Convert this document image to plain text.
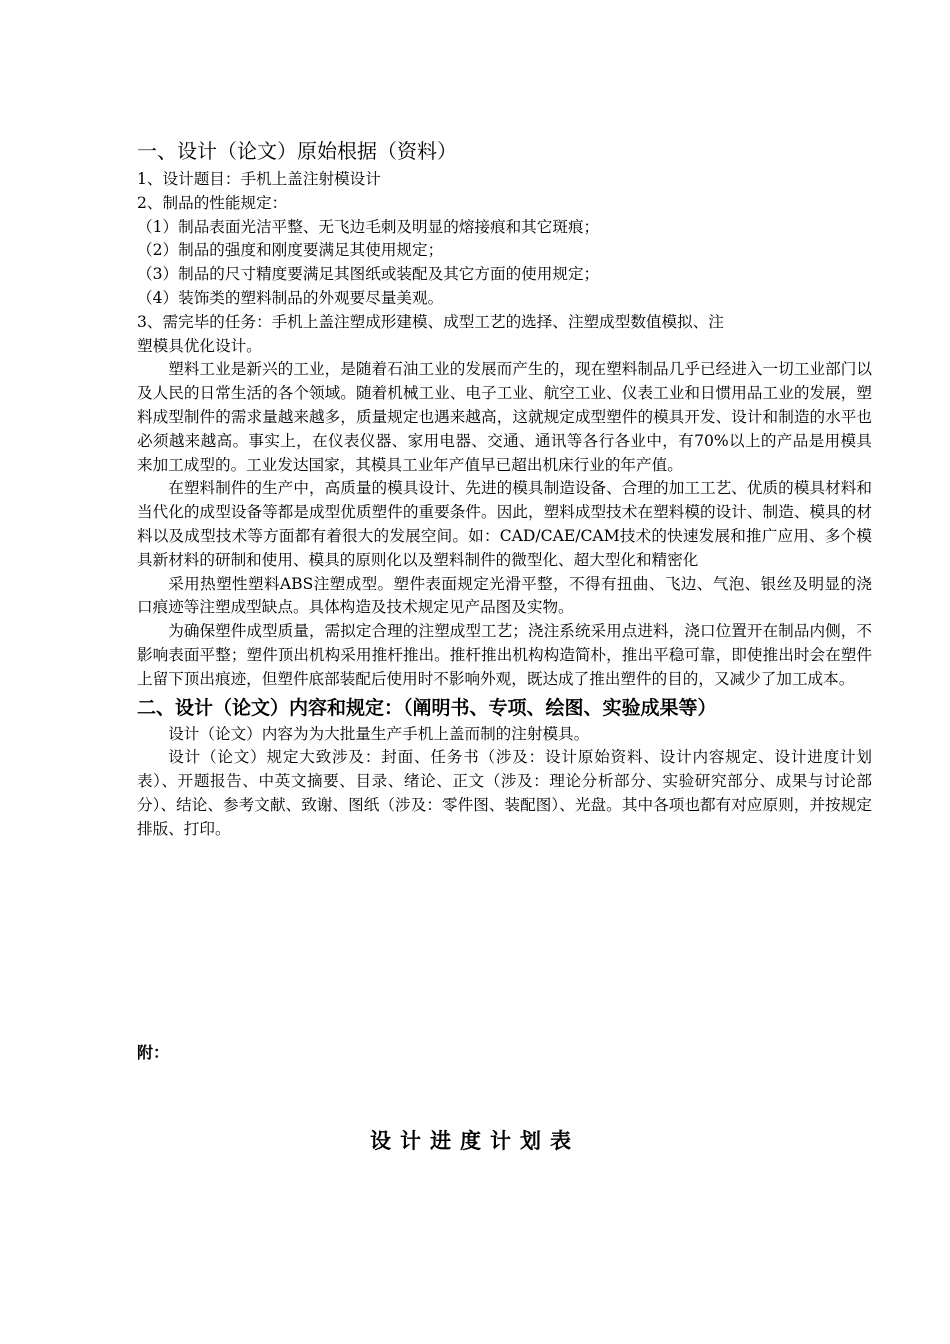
一、设计（论文）原始根据（资料）

1、设计题目：手机上盖注射模设计

2、制品的性能规定：

（1）制品表面光洁平整、无飞边毛刺及明显的熔接痕和其它斑痕；

（2）制品的强度和刚度要满足其使用规定；

（3）制品的尺寸精度要满足其图纸或装配及其它方面的使用规定；

（4）装饰类的塑料制品的外观要尽量美观。

3、需完毕的任务：手机上盖注塑成形建模、成型工艺的选择、注塑成型数值模拟、注

塑模具优化设计。

塑料工业是新兴的工业，是随着石油工业的发展而产生的，现在塑料制品几乎已经进入一切工业部门以及人民的日常生活的各个领域。随着机械工业、电子工业、航空工业、仪表工业和日惯用品工业的发展，塑料成型制件的需求量越来越多，质量规定也遇来越高，这就规定成型塑件的模具开发、设计和制造的水平也必须越来越高。事实上，在仪表仪器、家用电器、交通、通讯等各行各业中，有70%以上的产品是用模具来加工成型的。工业发达国家，其模具工业年产值早已超出机床行业的年产值。

在塑料制件的生产中，高质量的模具设计、先进的模具制造设备、合理的加工工艺、优质的模具材料和当代化的成型设备等都是成型优质塑件的重要条件。因此，塑料成型技术在塑料模的设计、制造、模具的材料以及成型技术等方面都有着很大的发展空间。如：CAD/CAE/CAM技术的快速发展和推广应用、多个模具新材料的研制和使用、模具的原则化以及塑料制件的微型化、超大型化和精密化

采用热塑性塑料ABS注塑成型。塑件表面规定光滑平整，不得有扭曲、飞边、气泡、银丝及明显的浇口痕迹等注塑成型缺点。具体构造及技术规定见产品图及实物。

为确保塑件成型质量，需拟定合理的注塑成型工艺；浇注系统采用点进料，浇口位置开在制品内侧，不影响表面平整；塑件顶出机构采用推杆推出。推杆推出机构构造简朴，推出平稳可靠，即使推出时会在塑件上留下顶出痕迹，但塑件底部装配后使用时不影响外观，既达成了推出塑件的目的，又减少了加工成本。

二、设计（论文）内容和规定：（阐明书、专项、绘图、实验成果等）

设计（论文）内容为为大批量生产手机上盖而制的注射模具。

设计（论文）规定大致涉及：封面、任务书（涉及：设计原始资料、设计内容规定、设计进度计划表）、开题报告、中英文摘要、目录、绪论、正文（涉及：理论分析部分、实验研究部分、成果与讨论部分）、结论、参考文献、致谢、图纸（涉及：零件图、装配图）、光盘。其中各项也都有对应原则，并按规定排版、打印。

附：
设计进度计划表
